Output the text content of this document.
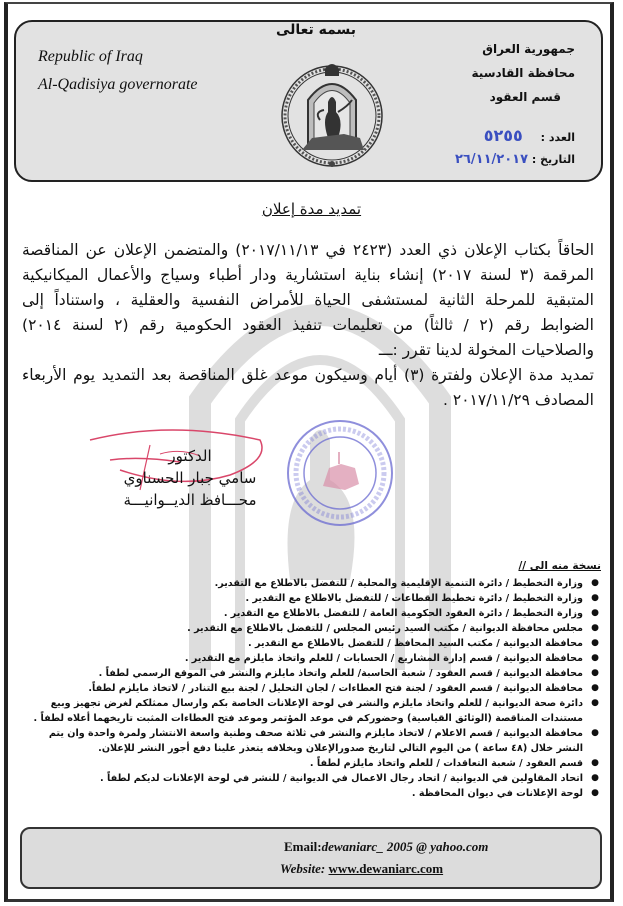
بسمه تعالى
Republic of Iraq
Al-Qadisiya governorate
جمهورية العراق
محافظة القادسية
قسم العقود
العدد : ٥٢٥٥
التاريخ : ٢٦/١١/٢٠١٧
تمديد مدة إعلان

الحاقاً بكتاب الإعلان ذي العدد (٢٤٢٣ في ٢٠١٧/١١/١٣) والمتضمن الإعلان عن المناقصة المرقمة (٣ لسنة ٢٠١٧) إنشاء بناية استشارية ودار أطباء وسياج والأعمال الميكانيكية المتبقية للمرحلة الثانية لمستشفى الحياة للأمراض النفسية والعقلية ، واستناداً إلى الضوابط رقم (٢ / ثالثاً) من تعليمات تنفيذ العقود الحكومية رقم (٢ لسنة ٢٠١٤) والصلاحيات المخولة لدينا تقرر :ـــ

تمديد مدة الإعلان ولفترة (٣) أيام وسيكون موعد غلق المناقصة بعد التمديد يوم الأربعاء المصادف ٢٠١٧/١١/٢٩ .

الدكتور
سامي جبار الحسناوي
محـــافظ الديــوانيـــة
نسخة منه الى //
●
وزارة التخطيط / دائرة التنمية الإقليمية والمحلية / للتفضل بالاطلاع مع التقدير.
●
وزارة التخطيط / دائرة تخطيط القطاعات / للتفضل بالاطلاع مع التقدير .
●
وزارة التخطيط / دائرة العقود الحكومية العامة / للتفضل بالاطلاع مع التقدير .
●
مجلس محافظة الديوانية / مكتب السيد رئيس المجلس / للتفضل بالاطلاع مع التقدير .
●
محافظة الديوانية / مكتب السيد المحافظ / للتفضل بالاطلاع مع التقدير .
●
محافظة الديوانية / قسم إدارة المشاريع / الحسابات / للعلم واتخاذ مايلزم مع التقدير .
●
محافظة الديوانية / قسم العقود / شعبة الحاسبة/ للعلم واتخاذ مايلزم والنشر في الموقع الرسمي لطفاً .
●
محافظة الديوانية / قسم العقود / لجنة فتح العطاءات / لجان التحليل / لجنة بيع التنادر / لاتخاذ مايلزم لطفاً.
●
دائرة صحة الديوانية / للعلم واتخاذ مايلزم والنشر في لوحة الإعلانات الخاصة بكم وارسال ممثلكم لغرض تجهيز وبيع مستندات المناقصة (الوثائق القياسية) وحضوركم في موعد المؤتمر وموعد فتح العطاءات المثبت تاريخهما أعلاه لطفاً .
●
محافظة الديوانية / قسم الاعلام / لاتخاذ مايلزم والنشر في ثلاثة صحف وطنية واسعة الانتشار ولمرة واحدة وان يتم النشر خلال (٤٨ ساعة ) من اليوم التالي لتاريخ صدورالإعلان وبخلافه يتعذر علينا دفع أجور النشر للإعلان.
●
قسم العقود / شعبة التعاقدات / للعلم واتخاذ مايلزم لطفاً .
●
اتحاد المقاولين في الديوانية / اتحاد رجال الاعمال في الديوانية / للنشر في لوحة الإعلانات لديكم لطفاً .
●
لوحة الإعلانات في ديوان المحافظة .
Email:dewaniarc_ 2005 @ yahoo.com
Website: www.dewaniarc.com
